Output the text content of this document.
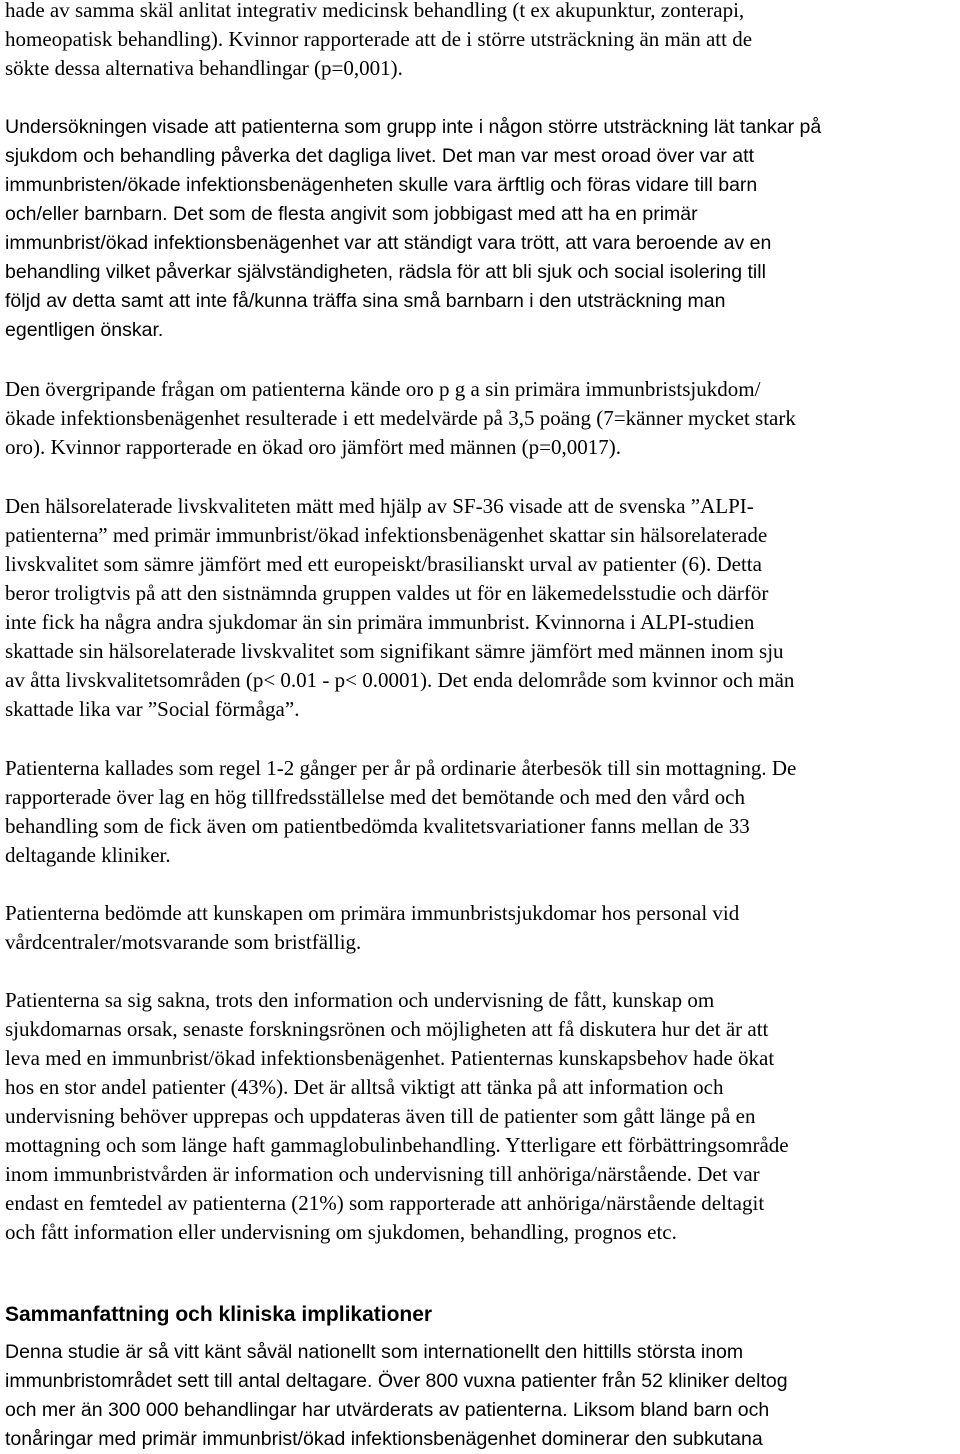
hade av samma skäl anlitat integrativ medicinsk behandling (t ex akupunktur, zonterapi,
homeopatisk behandling). Kvinnor rapporterade att de i större utsträckning än män att de
sökte dessa alternativa behandlingar (p=0,001).

Undersökningen visade att patienterna som grupp inte i någon större utsträckning lät tankar på
sjukdom och behandling påverka det dagliga livet. Det man var mest oroad över var att
immunbristen/ökade infektionsbenägenheten skulle vara ärftlig och föras vidare till barn
och/eller barnbarn. Det som de flesta angivit som jobbigast med att ha en primär
immunbrist/ökad infektionsbenägenhet var att ständigt vara trött, att vara beroende av en
behandling vilket påverkar självständigheten, rädsla för att bli sjuk och social isolering till
följd av detta samt att inte få/kunna träffa sina små barnbarn i den utsträckning man
egentligen önskar.

Den övergripande frågan om patienterna kände oro p g a sin primära immunbristsjukdom/
ökade infektionsbenägenhet resulterade i ett medelvärde på 3,5 poäng (7=känner mycket stark
oro). Kvinnor rapporterade en ökad oro jämfört med männen (p=0,0017).

Den hälsorelaterade livskvaliteten mätt med hjälp av SF-36 visade att de svenska ”ALPI-
patienterna” med primär immunbrist/ökad infektionsbenägenhet skattar sin hälsorelaterade
livskvalitet som sämre jämfört med ett europeiskt/brasilianskt urval av patienter (6). Detta
beror troligtvis på att den sistnämnda gruppen valdes ut för en läkemedelsstudie och därför
inte fick ha några andra sjukdomar än sin primära immunbrist. Kvinnorna i ALPI-studien
skattade sin hälsorelaterade livskvalitet som signifikant sämre jämfört med männen inom sju
av åtta livskvalitetsområden (p< 0.01 - p< 0.0001). Det enda delområde som kvinnor och män
skattade lika var ”Social förmåga”.

Patienterna kallades som regel 1-2 gånger per år på ordinarie återbesök till sin mottagning. De
rapporterade över lag en hög tillfredsställelse med det bemötande och med den vård och
behandling som de fick även om patientbedömda kvalitetsvariationer fanns mellan de 33
deltagande kliniker.

Patienterna bedömde att kunskapen om primära immunbristsjukdomar hos personal vid
vårdcentraler/motsvarande som bristfällig.

Patienterna sa sig sakna, trots den information och undervisning de fått, kunskap om
sjukdomarnas orsak, senaste forskningsrönen och möjligheten att få diskutera hur det är att
leva med en immunbrist/ökad infektionsbenägenhet. Patienternas kunskapsbehov hade ökat
hos en stor andel patienter (43%). Det är alltså viktigt att tänka på att information och
undervisning behöver upprepas och uppdateras även till de patienter som gått länge på en
mottagning och som länge haft gammaglobulinbehandling. Ytterligare ett förbättringsområde
inom immunbristvården är information och undervisning till anhöriga/närstående. Det var
endast en femtedel av patienterna (21%) som rapporterade att anhöriga/närstående deltagit
och fått information eller undervisning om sjukdomen, behandling, prognos etc.

Sammanfattning och kliniska implikationer

Denna studie är så vitt känt såväl nationellt som internationellt den hittills största inom
immunbristområdet sett till antal deltagare. Över 800 vuxna patienter från 52 kliniker deltog
och mer än 300 000 behandlingar har utvärderats av patienterna. Liksom bland barn och
tonåringar med primär immunbrist/ökad infektionsbenägenhet dominerar den subkutana
